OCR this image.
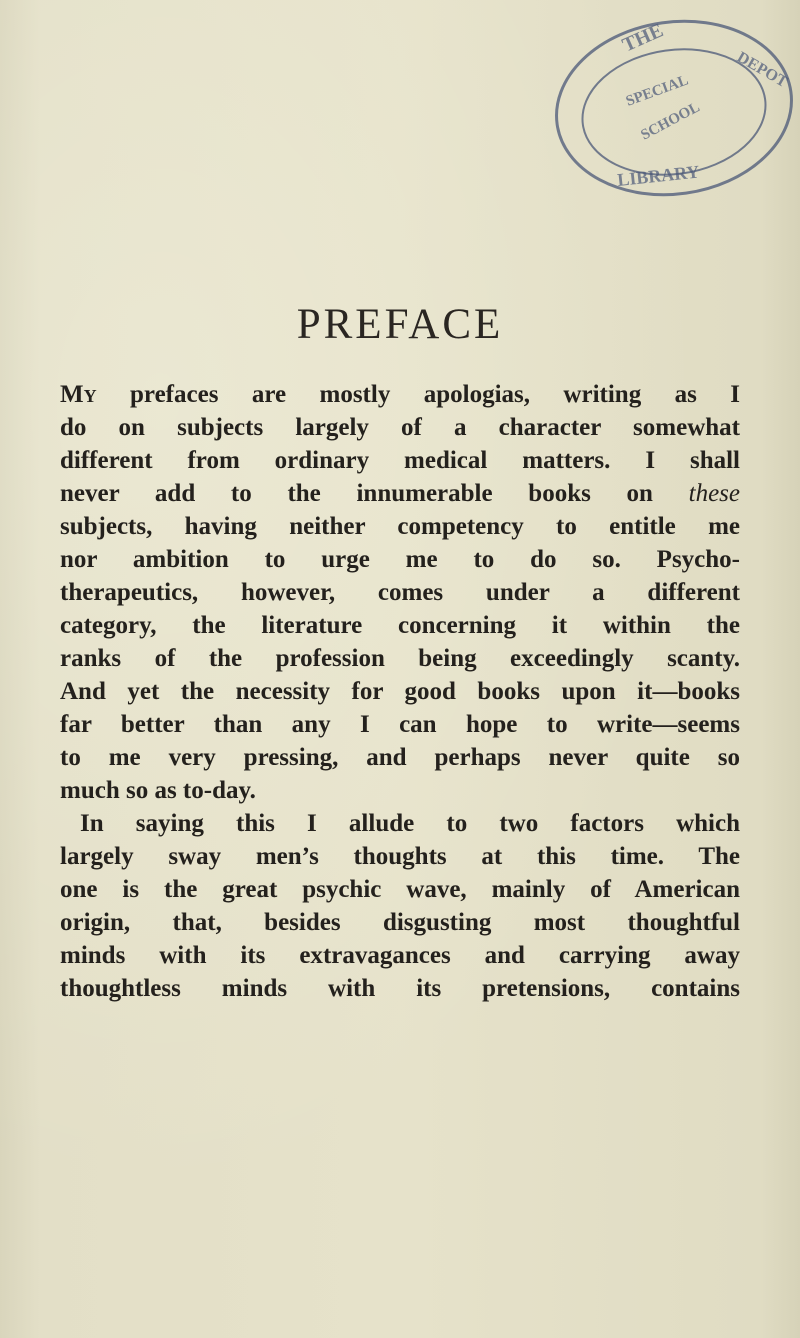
THE
DEPOT
SPECIAL
SCHOOL
LIBRARY
PREFACE
My prefaces are mostly apologias, writing as I
do on subjects largely of a character somewhat
different from ordinary medical matters. I shall
never add to the innumerable books on these
subjects, having neither competency to entitle me
nor ambition to urge me to do so. Psycho-
therapeutics, however, comes under a different
category, the literature concerning it within the
ranks of the profession being exceedingly scanty.
And yet the necessity for good books upon it—books
far better than any I can hope to write—seems
to me very pressing, and perhaps never quite so
much so as to-day.
In saying this I allude to two factors which
largely sway men’s thoughts at this time. The
one is the great psychic wave, mainly of American
origin, that, besides disgusting most thoughtful
minds with its extravagances and carrying away
thoughtless minds with its pretensions, contains
